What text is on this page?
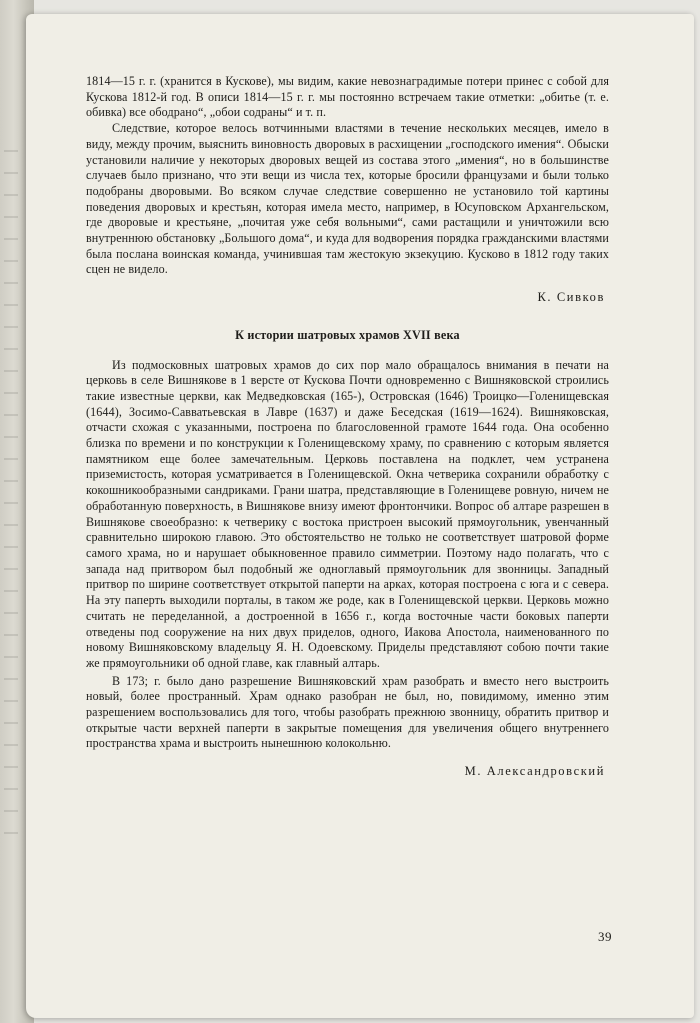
1814—15 г. г. (хранится в Кускове), мы видим, какие невознаградимые потери принес с собой для Кускова 1812-й год. В описи 1814—15 г. г. мы постоянно встречаем такие отметки: „обитье (т. е. обивка) все ободрано“, „обои содраны“ и т. п.

Следствие, которое велось вотчинными властями в течение нескольких месяцев, имело в виду, между прочим, выяснить виновность дворовых в расхищении „господского имения“. Обыски установили наличие у некоторых дворовых вещей из состава этого „имения“, но в большинстве случаев было признано, что эти вещи из числа тех, которые бросили французами и были только подобраны дворовыми. Во всяком случае следствие совершенно не установило той картины поведения дворовых и крестьян, которая имела место, например, в Юсуповском Архангельском, где дворовые и крестьяне, „почитая уже себя вольными“, сами растащили и уничтожили всю внутреннюю обстановку „Большого дома“, и куда для водворения порядка гражданскими властями была послана воинская команда, учинившая там жестокую экзекуцию. Кусково в 1812 году таких сцен не видело.

К. Сивков

К истории шатровых храмов XVII века

Из подмосковных шатровых храмов до сих пор мало обращалось внимания в печати на церковь в селе Вишнякове в 1 версте от Кускова Почти одновременно с Вишняковской строились такие известные церкви, как Медведковская (165-), Островская (1646) Троицко—Голенищевская (1644), Зосимо-Савватьевская в Лавре (1637) и даже Беседская (1619—1624). Вишняковская, отчасти схожая с указанными, построена по благословенной грамоте 1644 года. Она особенно близка по времени и по конструкции к Голенищевскому храму, по сравнению с которым является памятником еще более замечательным. Церковь поставлена на подклет, чем устранена приземистость, которая усматривается в Голенищевской. Окна четверика сохранили обработку с кокошникообразными сандриками. Грани шатра, представляющие в Голенищеве ровную, ничем не обработанную поверхность, в Вишнякове внизу имеют фронтончики. Вопрос об алтаре разрешен в Вишнякове своеобразно: к четверику с востока пристроен высокий прямоугольник, увенчанный сравнительно широкою главою. Это обстоятельство не только не соответствует шатровой форме самого храма, но и нарушает обыкновенное правило симметрии. Поэтому надо полагать, что с запада над притвором был подобный же одноглавый прямоугольник для звонницы. Западный притвор по ширине соответствует открытой паперти на арках, которая построена с юга и с севера. На эту паперть выходили порталы, в таком же роде, как в Голенищевской церкви. Церковь можно считать не переделанной, а достроенной в 1656 г., когда восточные части боковых паперти отведены под сооружение на них двух приделов, одного, Иакова Апостола, наименованного по новому Вишняковскому владельцу Я. Н. Одоевскому. Приделы представляют собою почти такие же прямоугольники об одной главе, как главный алтарь.

В 173; г. было дано разрешение Вишняковский храм разобрать и вместо него выстроить новый, более пространный. Храм однако разобран не был, но, повидимому, именно этим разрешением воспользовались для того, чтобы разобрать прежнюю звонницу, обратить притвор и открытые части верхней паперти в закрытые помещения для увеличения общего внутреннего пространства храма и выстроить нынешнюю колокольню.

М. Александровский

39
